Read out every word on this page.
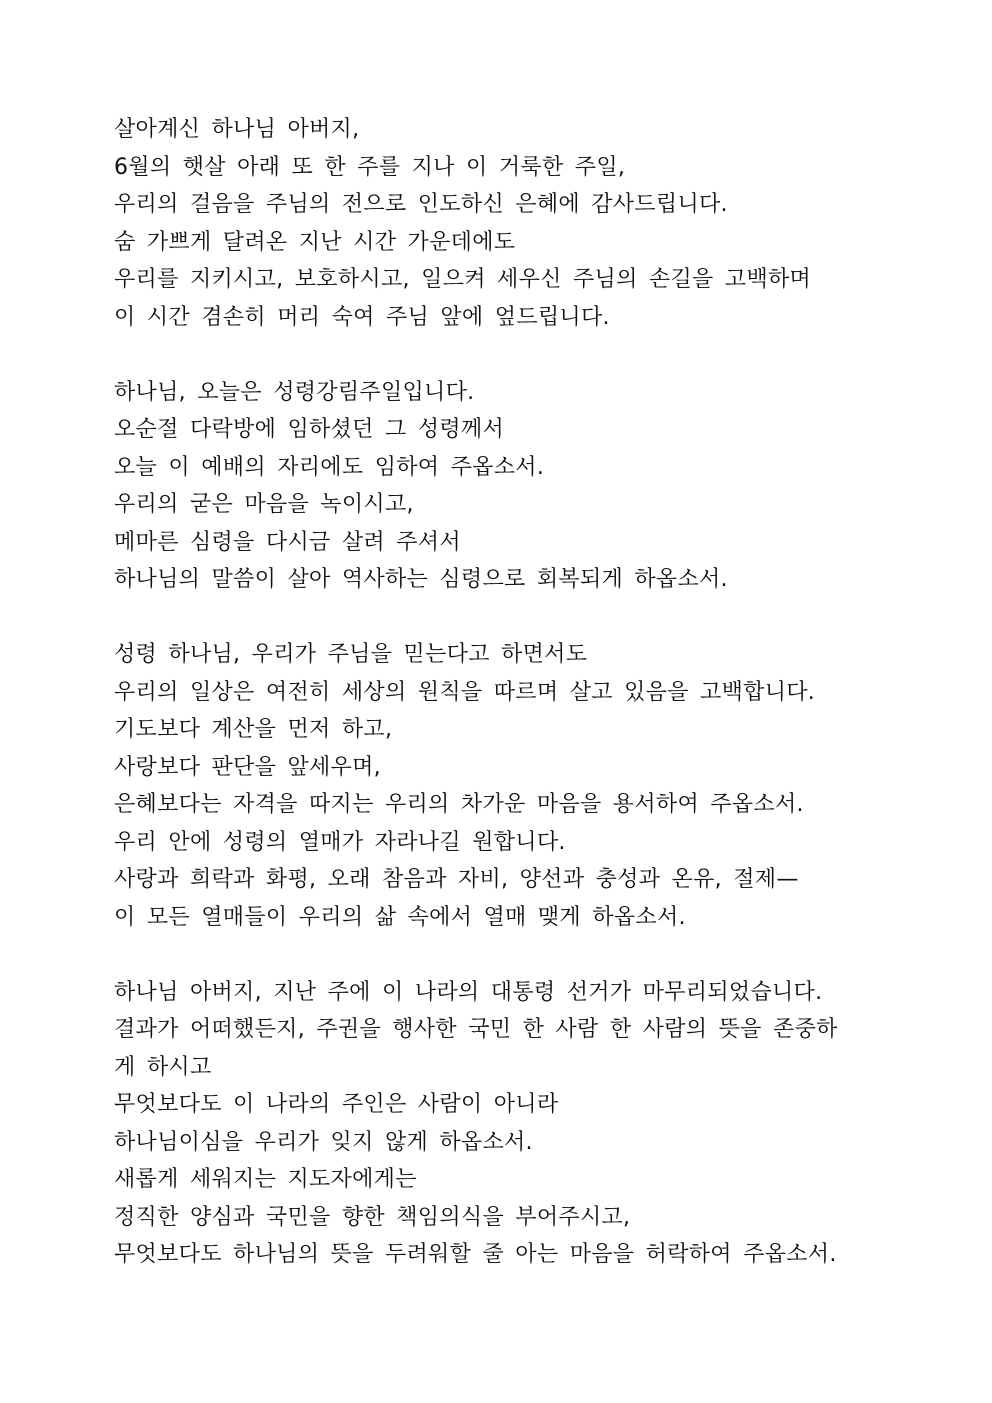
살아계신 하나님 아버지,
6월의 햇살 아래 또 한 주를 지나 이 거룩한 주일,
우리의 걸음을 주님의 전으로 인도하신 은혜에 감사드립니다.
숨 가쁘게 달려온 지난 시간 가운데에도
우리를 지키시고, 보호하시고, 일으켜 세우신 주님의 손길을 고백하며
이 시간 겸손히 머리 숙여 주님 앞에 엎드립니다.
하나님, 오늘은 성령강림주일입니다.
오순절 다락방에 임하셨던 그 성령께서
오늘 이 예배의 자리에도 임하여 주옵소서.
우리의 굳은 마음을 녹이시고,
메마른 심령을 다시금 살려 주셔서
하나님의 말씀이 살아 역사하는 심령으로 회복되게 하옵소서.
성령 하나님, 우리가 주님을 믿는다고 하면서도
우리의 일상은 여전히 세상의 원칙을 따르며 살고 있음을 고백합니다.
기도보다 계산을 먼저 하고,
사랑보다 판단을 앞세우며,
은혜보다는 자격을 따지는 우리의 차가운 마음을 용서하여 주옵소서.
우리 안에 성령의 열매가 자라나길 원합니다.
사랑과 희락과 화평, 오래 참음과 자비, 양선과 충성과 온유, 절제—
이 모든 열매들이 우리의 삶 속에서 열매 맺게 하옵소서.
하나님 아버지, 지난 주에 이 나라의 대통령 선거가 마무리되었습니다.
결과가 어떠했든지, 주권을 행사한 국민 한 사람 한 사람의 뜻을 존중하
게 하시고
무엇보다도 이 나라의 주인은 사람이 아니라
하나님이심을 우리가 잊지 않게 하옵소서.
새롭게 세워지는 지도자에게는
정직한 양심과 국민을 향한 책임의식을 부어주시고,
무엇보다도 하나님의 뜻을 두려워할 줄 아는 마음을 허락하여 주옵소서.
